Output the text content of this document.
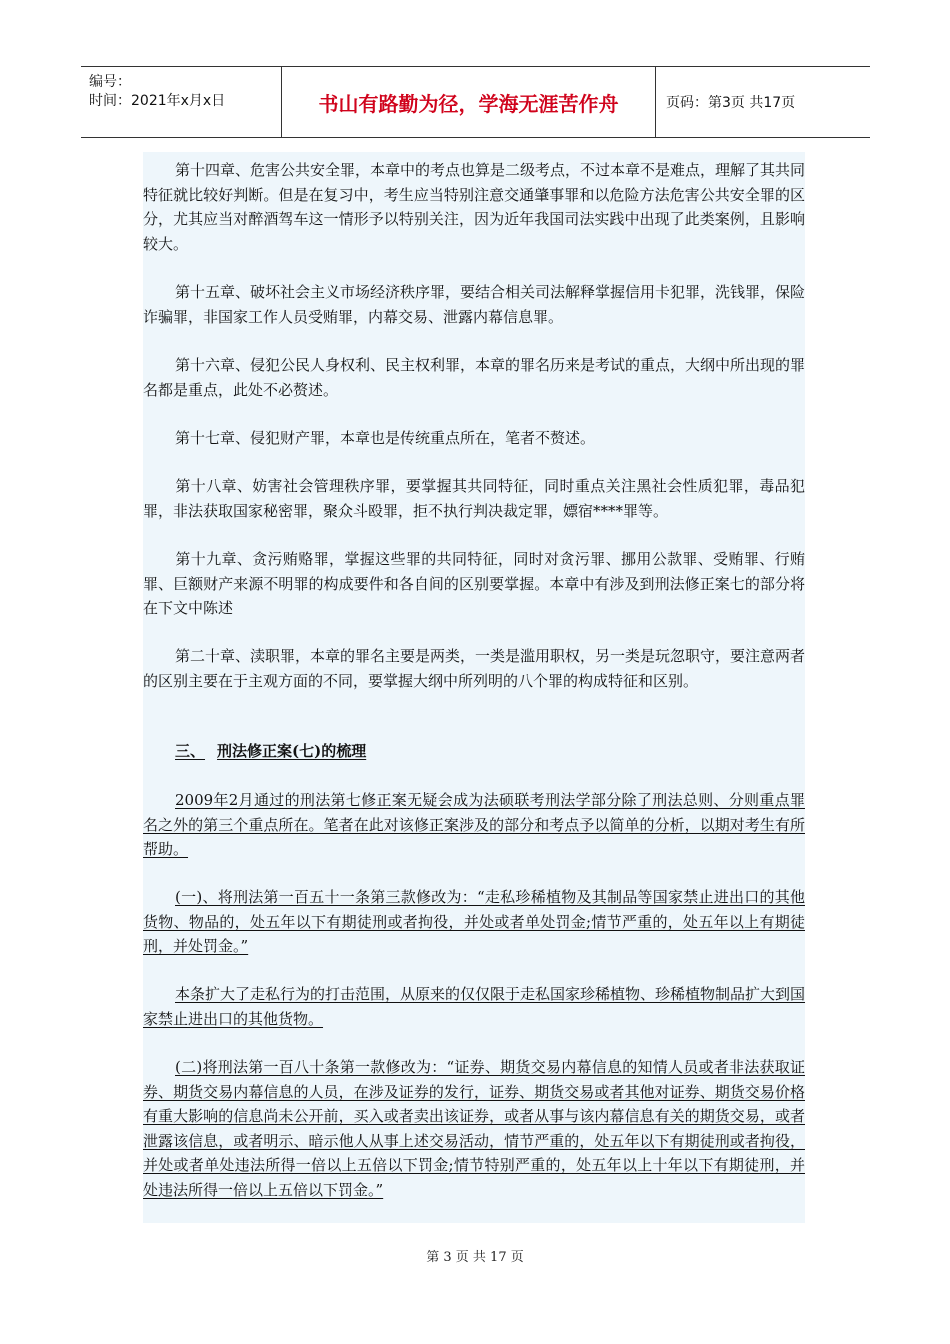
编号：
时间：2021年x月x日	书山有路勤为径，学海无涯苦作舟	页码：第3页 共17页

第十四章、危害公共安全罪，本章中的考点也算是二级考点，不过本章不是难点，理解了其共同特征就比较好判断。但是在复习中，考生应当特别注意交通肇事罪和以危险方法危害公共安全罪的区分，尤其应当对醉酒驾车这一情形予以特别关注，因为近年我国司法实践中出现了此类案例，且影响较大。

第十五章、破坏社会主义市场经济秩序罪，要结合相关司法解释掌握信用卡犯罪，洗钱罪，保险诈骗罪，非国家工作人员受贿罪，内幕交易、泄露内幕信息罪。

第十六章、侵犯公民人身权利、民主权利罪，本章的罪名历来是考试的重点，大纲中所出现的罪名都是重点，此处不必赘述。

第十七章、侵犯财产罪，本章也是传统重点所在，笔者不赘述。

第十八章、妨害社会管理秩序罪，要掌握其共同特征，同时重点关注黑社会性质犯罪，毒品犯罪，非法获取国家秘密罪，聚众斗殴罪，拒不执行判决裁定罪，嫖宿****罪等。

第十九章、贪污贿赂罪，掌握这些罪的共同特征，同时对贪污罪、挪用公款罪、受贿罪、行贿罪、巨额财产来源不明罪的构成要件和各自间的区别要掌握。本章中有涉及到刑法修正案七的部分将在下文中陈述

第二十章、渎职罪，本章的罪名主要是两类，一类是滥用职权，另一类是玩忽职守，要注意两者的区别主要在于主观方面的不同，要掌握大纲中所列明的八个罪的构成特征和区别。

三、 刑法修正案(七)的梳理

2009年2月通过的刑法第七修正案无疑会成为法硕联考刑法学部分除了刑法总则、分则重点罪名之外的第三个重点所在。笔者在此对该修正案涉及的部分和考点予以简单的分析，以期对考生有所帮助。

(一)、将刑法第一百五十一条第三款修改为：“走私珍稀植物及其制品等国家禁止进出口的其他货物、物品的，处五年以下有期徒刑或者拘役，并处或者单处罚金;情节严重的，处五年以上有期徒刑，并处罚金。”

本条扩大了走私行为的打击范围，从原来的仅仅限于走私国家珍稀植物、珍稀植物制品扩大到国家禁止进出口的其他货物。

(二)将刑法第一百八十条第一款修改为：“证券、期货交易内幕信息的知情人员或者非法获取证券、期货交易内幕信息的人员，在涉及证券的发行，证券、期货交易或者其他对证券、期货交易价格有重大影响的信息尚未公开前，买入或者卖出该证券，或者从事与该内幕信息有关的期货交易，或者泄露该信息，或者明示、暗示他人从事上述交易活动，情节严重的，处五年以下有期徒刑或者拘役，并处或者单处违法所得一倍以上五倍以下罚金;情节特别严重的，处五年以上十年以下有期徒刑，并处违法所得一倍以上五倍以下罚金。”

第 3 页 共 17 页
